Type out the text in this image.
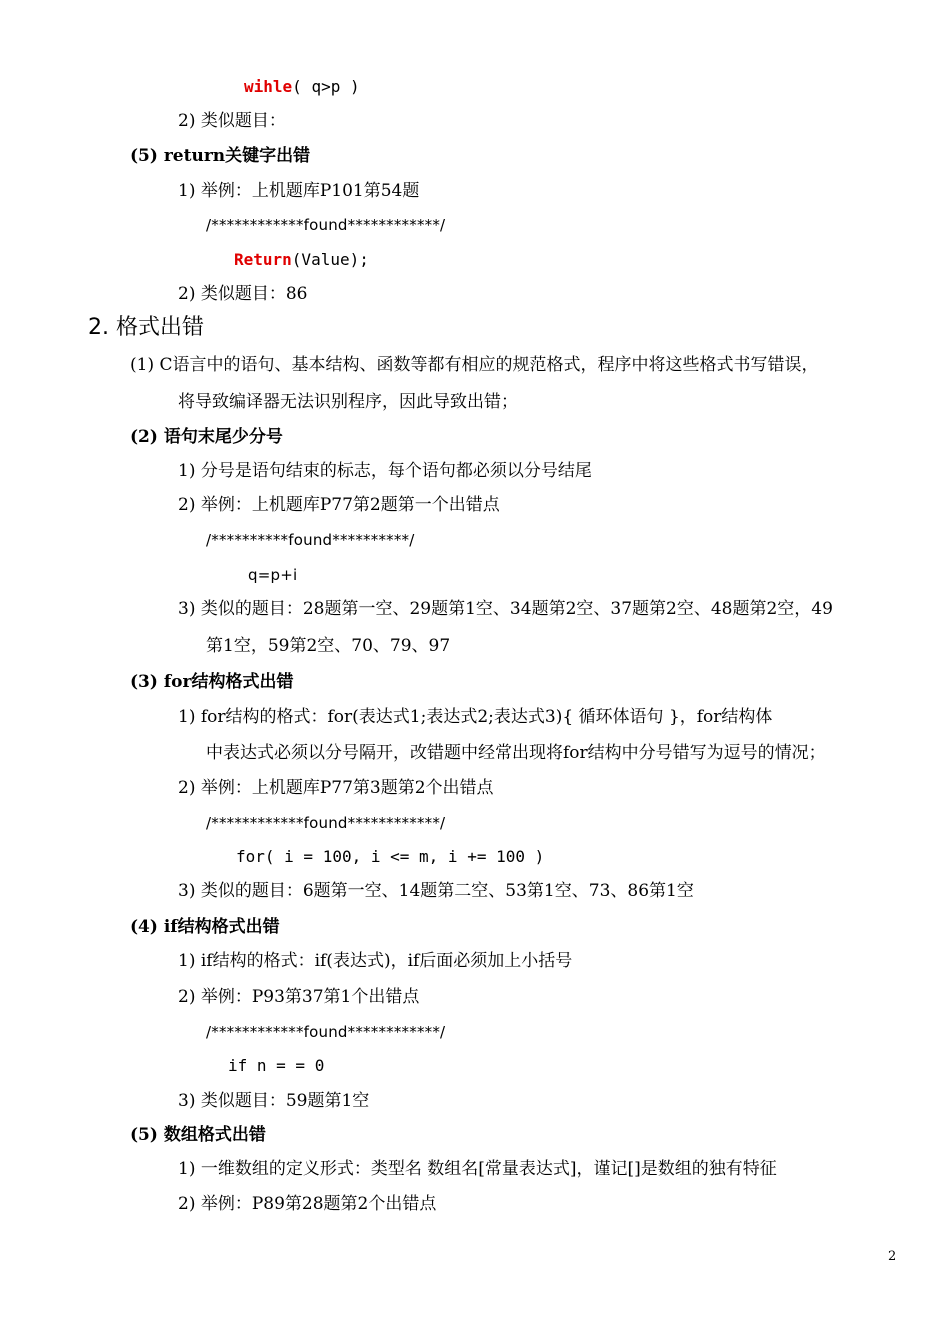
wihle( q>p )
2) 类似题目：
(5) return关键字出错
1) 举例：上机题库P101第54题
/************found************/
Return(Value);
2) 类似题目：86
2. 格式出错
(1) C语言中的语句、基本结构、函数等都有相应的规范格式，程序中将这些格式书写错误，
将导致编译器无法识别程序，因此导致出错；
(2) 语句末尾少分号
1) 分号是语句结束的标志，每个语句都必须以分号结尾
2) 举例：上机题库P77第2题第一个出错点
/**********found**********/
q=p+i
3) 类似的题目：28题第一空、29题第1空、34题第2空、37题第2空、48题第2空，49
第1空，59第2空、70、79、97
(3) for结构格式出错
1) for结构的格式：for(表达式1;表达式2;表达式3){ 循环体语句 }，for结构体
中表达式必须以分号隔开，改错题中经常出现将for结构中分号错写为逗号的情况；
2) 举例：上机题库P77第3题第2个出错点
/************found************/
for( i = 100, i <= m, i += 100 )
3) 类似的题目：6题第一空、14题第二空、53第1空、73、86第1空
(4) if结构格式出错
1) if结构的格式：if(表达式)，if后面必须加上小括号
2) 举例：P93第37第1个出错点
/************found************/
if n = = 0
3) 类似题目：59题第1空
(5) 数组格式出错
1) 一维数组的定义形式：类型名 数组名[常量表达式]，谨记[]是数组的独有特征
2) 举例：P89第28题第2个出错点
2
